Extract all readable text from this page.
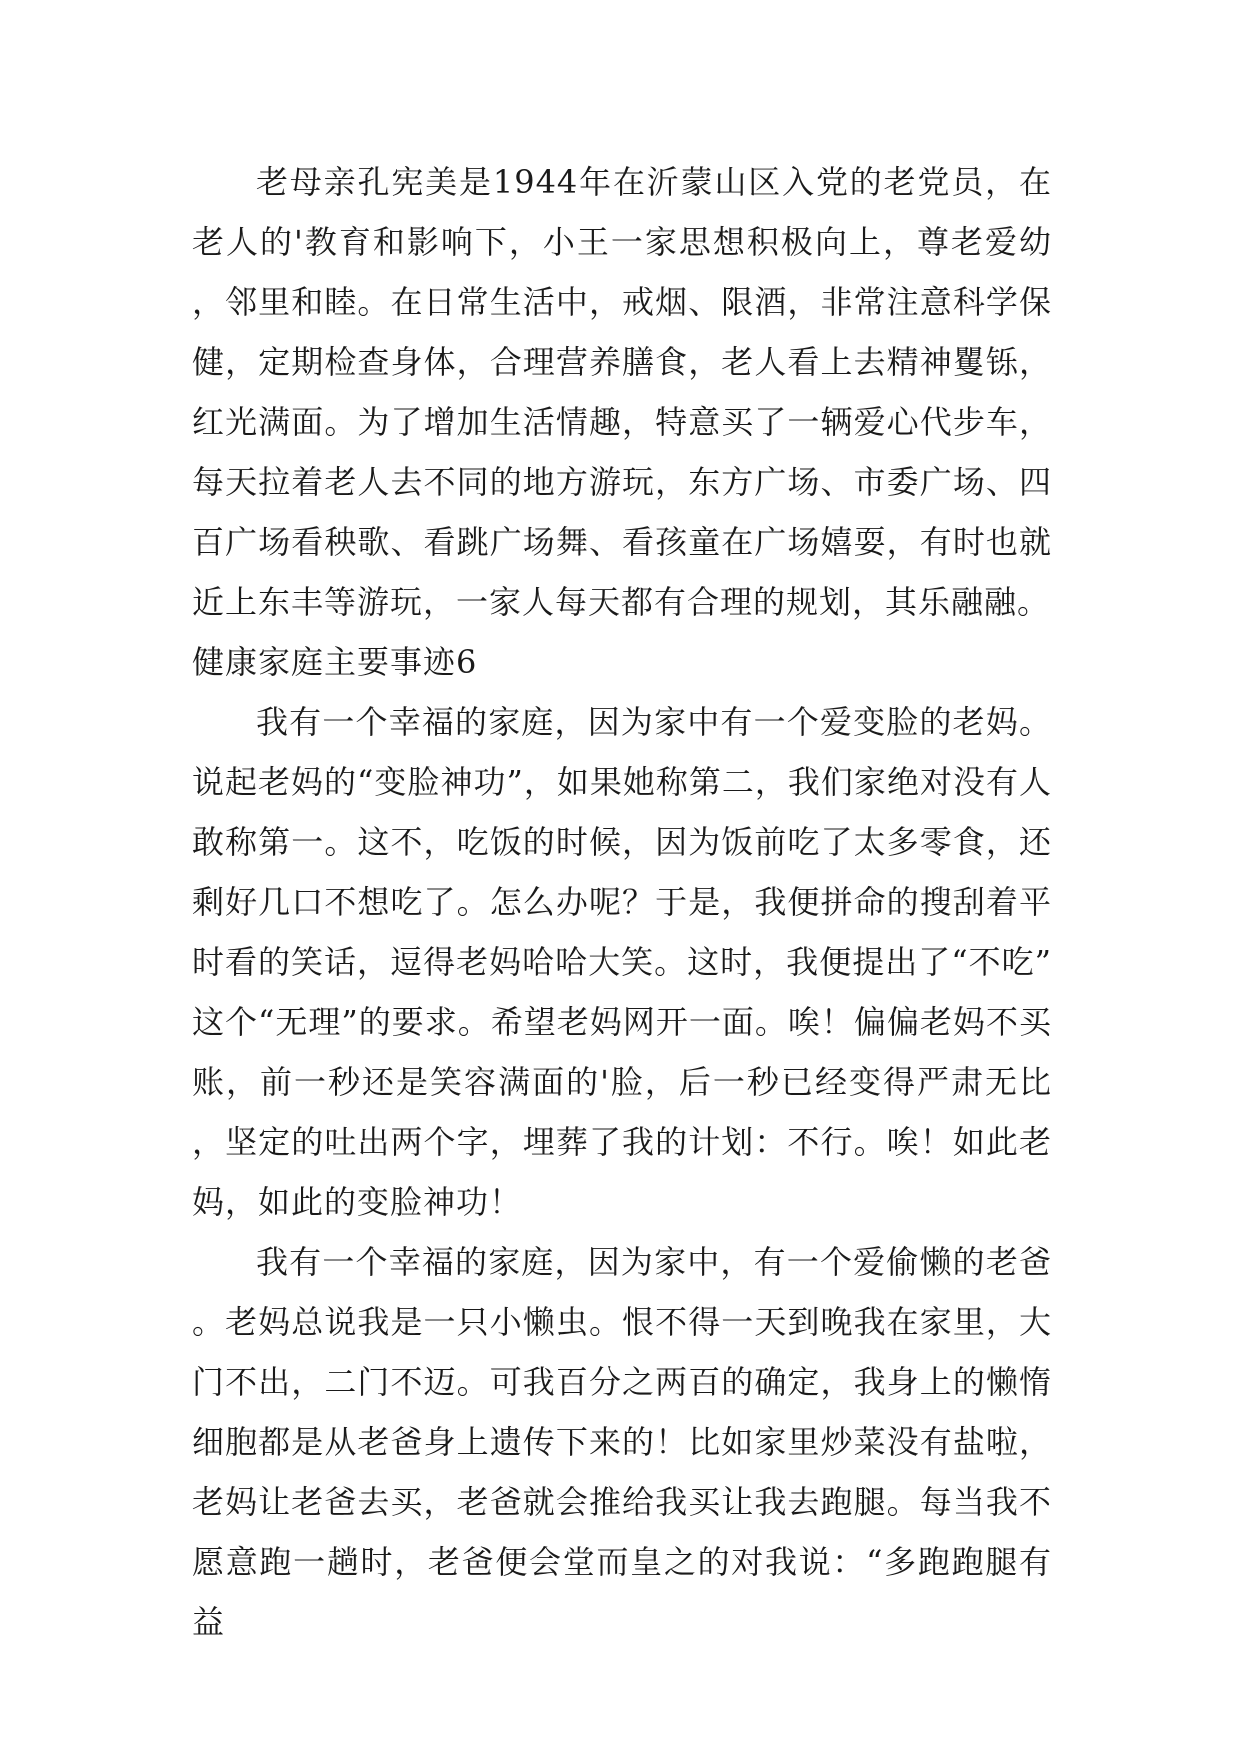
老母亲孔宪美是1944年在沂蒙山区入党的老党员，在老人的'教育和影响下，小王一家思想积极向上，尊老爱幼，邻里和睦。在日常生活中，戒烟、限酒，非常注意科学保健，定期检查身体，合理营养膳食，老人看上去精神矍铄，红光满面。为了增加生活情趣，特意买了一辆爱心代步车，每天拉着老人去不同的地方游玩，东方广场、市委广场、四百广场看秧歌、看跳广场舞、看孩童在广场嬉耍，有时也就近上东丰等游玩，一家人每天都有合理的规划，其乐融融。

健康家庭主要事迹6

我有一个幸福的家庭，因为家中有一个爱变脸的老妈。说起老妈的“变脸神功”，如果她称第二，我们家绝对没有人敢称第一。这不，吃饭的时候，因为饭前吃了太多零食，还剩好几口不想吃了。怎么办呢？于是，我便拼命的搜刮着平时看的笑话，逗得老妈哈哈大笑。这时，我便提出了“不吃”这个“无理”的要求。希望老妈网开一面。唉！偏偏老妈不买账，前一秒还是笑容满面的'脸，后一秒已经变得严肃无比，坚定的吐出两个字，埋葬了我的计划：不行。唉！如此老妈，如此的变脸神功！

我有一个幸福的家庭，因为家中，有一个爱偷懒的老爸。老妈总说我是一只小懒虫。恨不得一天到晚我在家里，大门不出，二门不迈。可我百分之两百的确定，我身上的懒惰细胞都是从老爸身上遗传下来的！比如家里炒菜没有盐啦，老妈让老爸去买，老爸就会推给我买让我去跑腿。每当我不愿意跑一趟时，老爸便会堂而皇之的对我说：“多跑跑腿有益
